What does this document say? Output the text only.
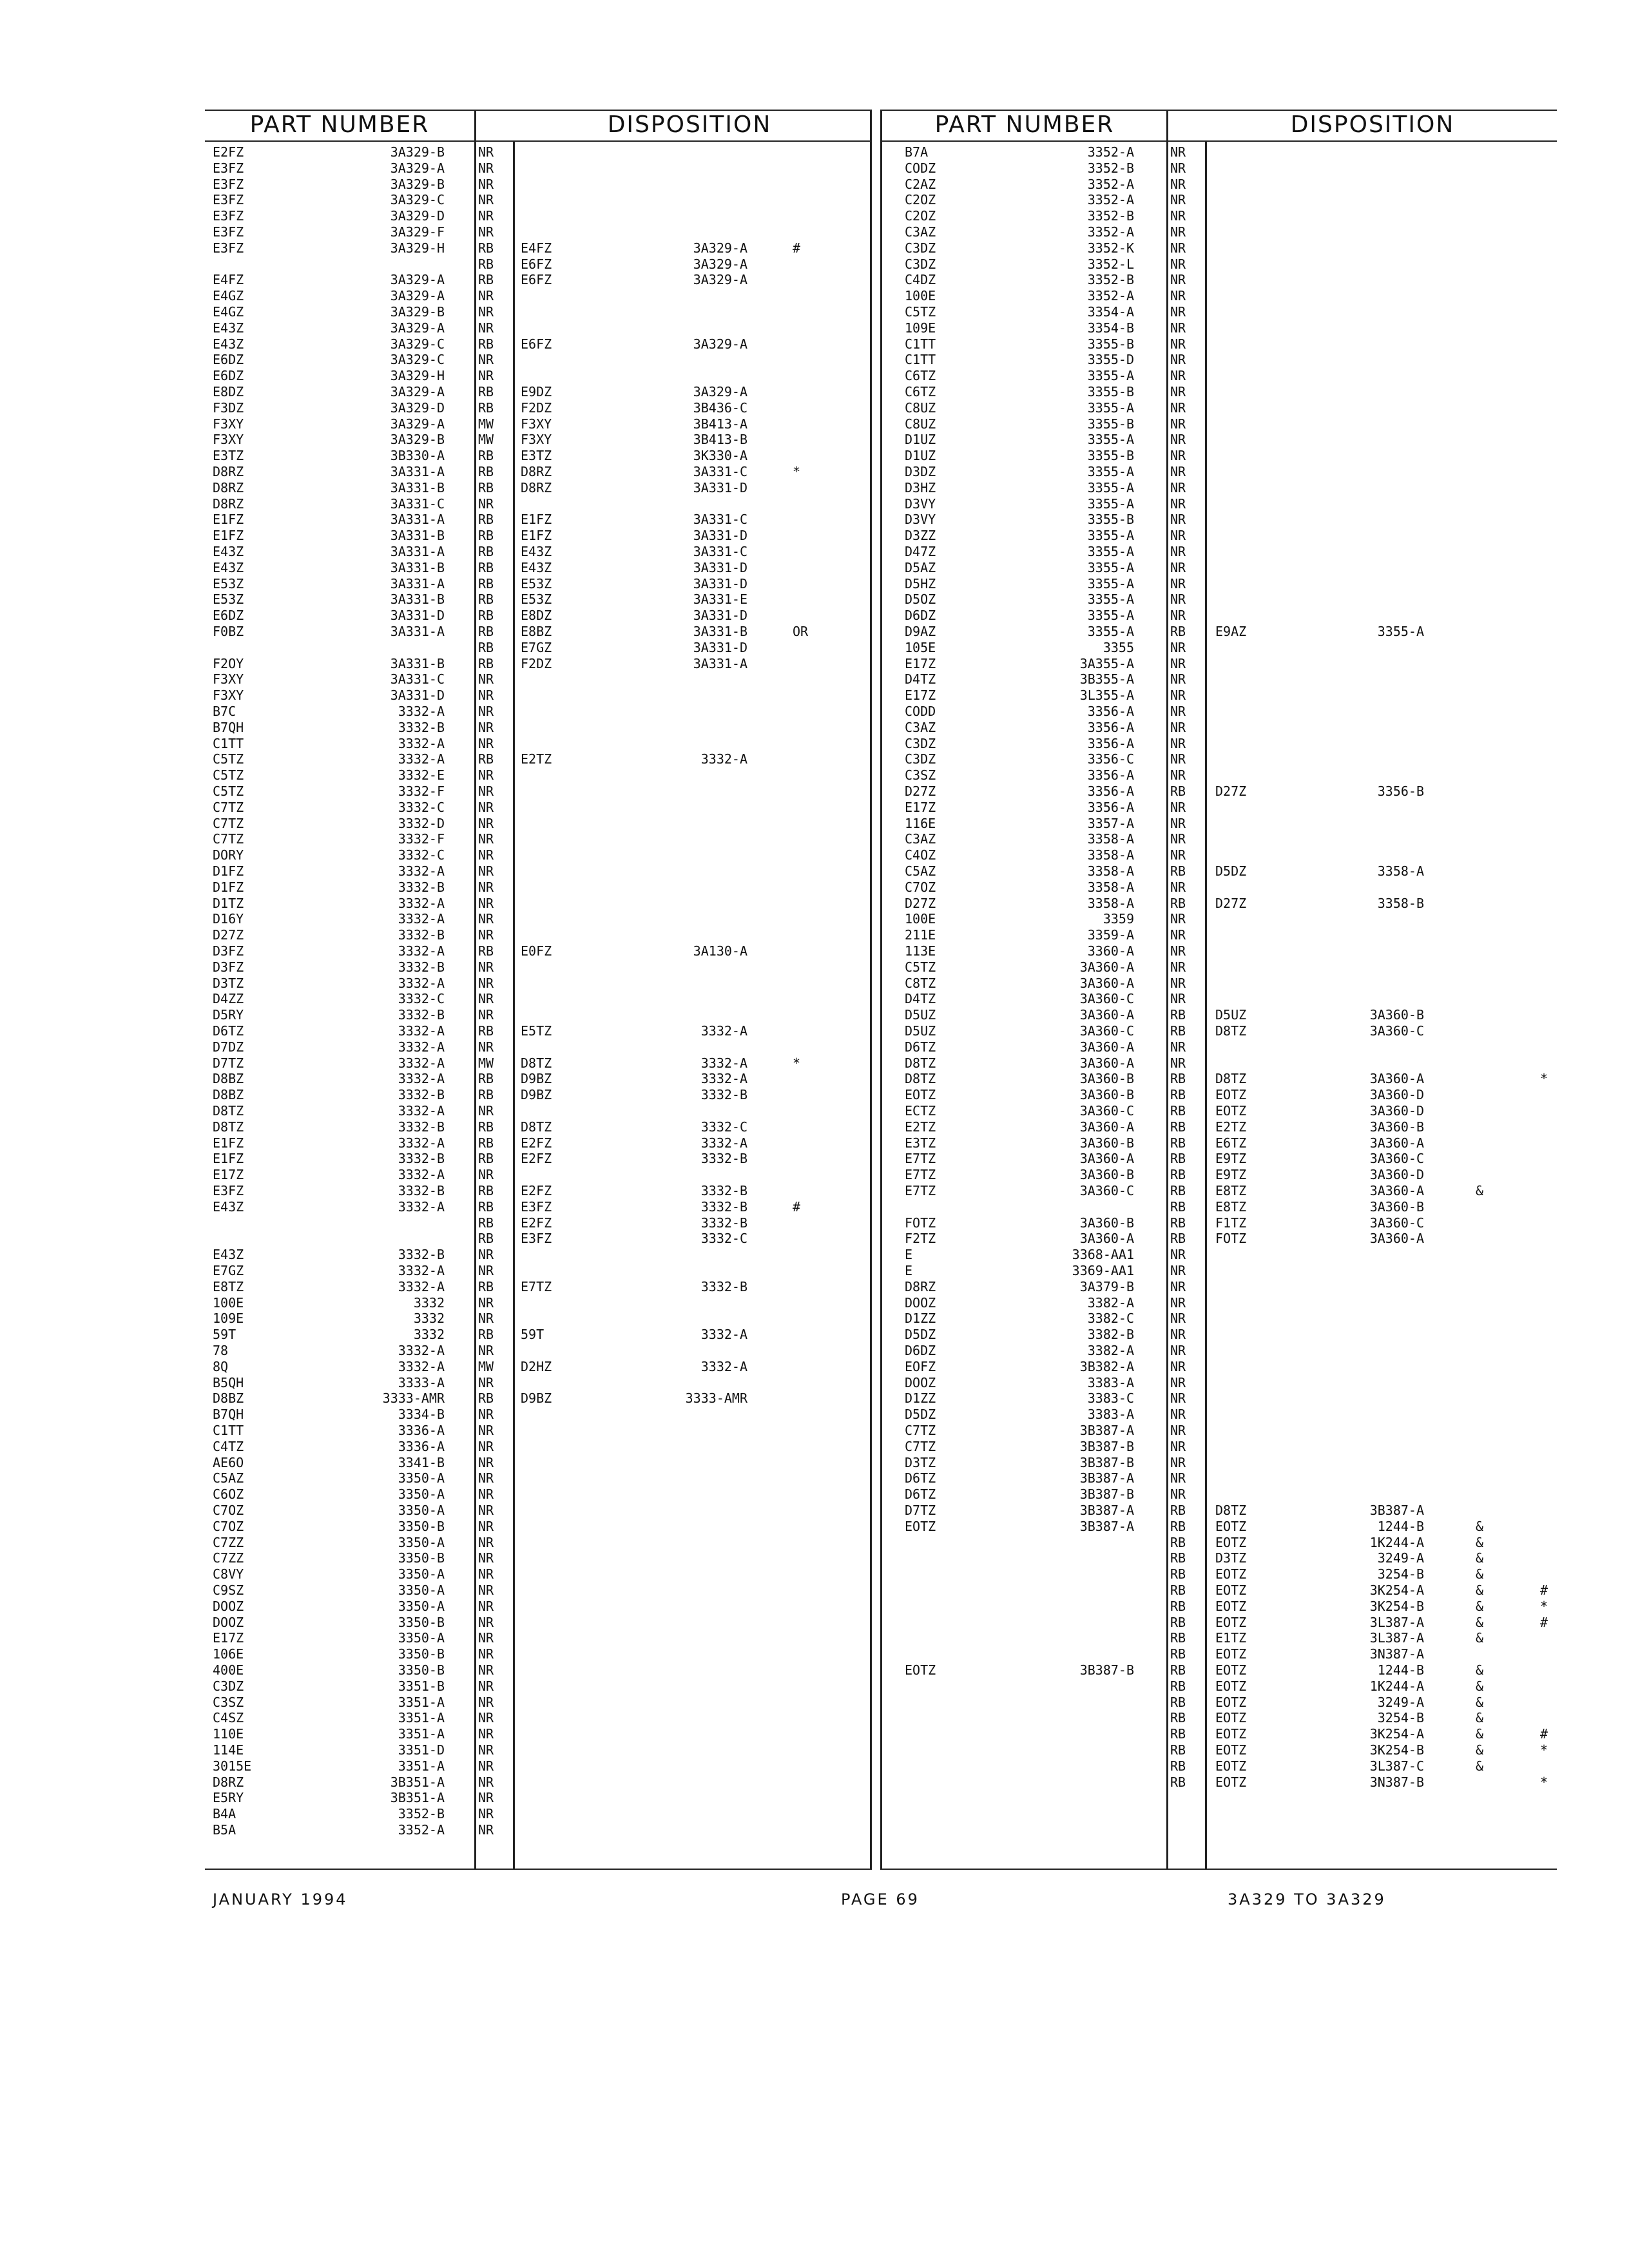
PART NUMBER	DISPOSITION	PART NUMBER	DISPOSITION
E2FZ	3A329-B	NR
E3FZ	3A329-A	NR
E3FZ	3A329-B	NR
E3FZ	3A329-C	NR
E3FZ	3A329-D	NR
E3FZ	3A329-F	NR
E3FZ	3A329-H	RB E4FZ	3A329-A	#
RB E6FZ	3A329-A
E4FZ	3A329-A	RB E6FZ	3A329-A
E4GZ	3A329-A	NR
E4GZ	3A329-B	NR
E43Z	3A329-A	NR
E43Z	3A329-C	RB E6FZ	3A329-A
E6DZ	3A329-C	NR
E6DZ	3A329-H	NR
E8DZ	3A329-A	RB E9DZ	3A329-A
F3DZ	3A329-D	RB F2DZ	3B436-C
F3XY	3A329-A	MW F3XY	3B413-A
F3XY	3A329-B	MW F3XY	3B413-B
E3TZ	3B330-A	RB E3TZ	3K330-A
D8RZ	3A331-A	RB D8RZ	3A331-C	*
D8RZ	3A331-B	RB D8RZ	3A331-D
D8RZ	3A331-C	NR
E1FZ	3A331-A	RB E1FZ	3A331-C
E1FZ	3A331-B	RB E1FZ	3A331-D
E43Z	3A331-A	RB E43Z	3A331-C
E43Z	3A331-B	RB E43Z	3A331-D
E53Z	3A331-A	RB E53Z	3A331-D
E53Z	3A331-B	RB E53Z	3A331-E
E6DZ	3A331-D	RB E8DZ	3A331-D
F0BZ	3A331-A	RB E8BZ	3A331-B	OR
RB E7GZ	3A331-D
F2OY	3A331-B	RB F2DZ	3A331-A
F3XY	3A331-C	NR
F3XY	3A331-D	NR
B7C	3332-A	NR
B7QH	3332-B	NR
C1TT	3332-A	NR
C5TZ	3332-A	RB E2TZ	3332-A
C5TZ	3332-E	NR
C5TZ	3332-F	NR
C7TZ	3332-C	NR
C7TZ	3332-D	NR
C7TZ	3332-F	NR
DORY	3332-C	NR
D1FZ	3332-A	NR
D1FZ	3332-B	NR
D1TZ	3332-A	NR
D16Y	3332-A	NR
D27Z	3332-B	NR
D3FZ	3332-A	RB E0FZ	3A130-A
D3FZ	3332-B	NR
D3TZ	3332-A	NR
D4ZZ	3332-C	NR
D5RY	3332-B	NR
D6TZ	3332-A	RB E5TZ	3332-A
D7DZ	3332-A	NR
D7TZ	3332-A	MW D8TZ	3332-A	*
D8BZ	3332-A	RB D9BZ	3332-A
D8BZ	3332-B	RB D9BZ	3332-B
D8TZ	3332-A	NR
D8TZ	3332-B	RB D8TZ	3332-C
E1FZ	3332-A	RB E2FZ	3332-A
E1FZ	3332-B	RB E2FZ	3332-B
E17Z	3332-A	NR
E3FZ	3332-B	RB E2FZ	3332-B
E43Z	3332-A	RB E3FZ	3332-B	#
RB E2FZ	3332-B
RB E3FZ	3332-C
E43Z	3332-B	NR
E7GZ	3332-A	NR
E8TZ	3332-A	RB E7TZ	3332-B
100E	3332	NR
109E	3332	NR
59T	3332	RB 59T	3332-A
78	3332-A	NR
8Q	3332-A	MW D2HZ	3332-A
B5QH	3333-A	NR
D8BZ	3333-AMR	RB D9BZ	3333-AMR
B7QH	3334-B	NR
C1TT	3336-A	NR
C4TZ	3336-A	NR
AE6O	3341-B	NR
C5AZ	3350-A	NR
C6OZ	3350-A	NR
C7OZ	3350-A	NR
C7OZ	3350-B	NR
C7ZZ	3350-A	NR
C7ZZ	3350-B	NR
C8VY	3350-A	NR
C9SZ	3350-A	NR
DOOZ	3350-A	NR
DOOZ	3350-B	NR
E17Z	3350-A	NR
106E	3350-B	NR
400E	3350-B	NR
C3DZ	3351-B	NR
C3SZ	3351-A	NR
C4SZ	3351-A	NR
110E	3351-A	NR
114E	3351-D	NR
3015E	3351-A	NR
D8RZ	3B351-A	NR
E5RY	3B351-A	NR
B4A	3352-B	NR
B5A	3352-A	NR
B7A	3352-A	NR
CODZ	3352-B	NR
C2AZ	3352-A	NR
C2OZ	3352-A	NR
C2OZ	3352-B	NR
C3AZ	3352-A	NR
C3DZ	3352-K	NR
C3DZ	3352-L	NR
C4DZ	3352-B	NR
100E	3352-A	NR
C5TZ	3354-A	NR
109E	3354-B	NR
C1TT	3355-B	NR
C1TT	3355-D	NR
C6TZ	3355-A	NR
C6TZ	3355-B	NR
C8UZ	3355-A	NR
C8UZ	3355-B	NR
D1UZ	3355-A	NR
D1UZ	3355-B	NR
D3DZ	3355-A	NR
D3HZ	3355-A	NR
D3VY	3355-A	NR
D3VY	3355-B	NR
D3ZZ	3355-A	NR
D47Z	3355-A	NR
D5AZ	3355-A	NR
D5HZ	3355-A	NR
D5OZ	3355-A	NR
D6DZ	3355-A	NR
D9AZ	3355-A	RB E9AZ	3355-A
105E	3355	NR
E17Z	3A355-A	NR
D4TZ	3B355-A	NR
E17Z	3L355-A	NR
CODD	3356-A	NR
C3AZ	3356-A	NR
C3DZ	3356-A	NR
C3DZ	3356-C	NR
C3SZ	3356-A	NR
D27Z	3356-A	RB D27Z	3356-B
E17Z	3356-A	NR
116E	3357-A	NR
C3AZ	3358-A	NR
C4OZ	3358-A	NR
C5AZ	3358-A	RB D5DZ	3358-A
C7OZ	3358-A	NR
D27Z	3358-A	RB D27Z	3358-B
100E	3359	NR
211E	3359-A	NR
113E	3360-A	NR
C5TZ	3A360-A	NR
C8TZ	3A360-A	NR
D4TZ	3A360-C	NR
D5UZ	3A360-A	RB D5UZ	3A360-B
D5UZ	3A360-C	RB D8TZ	3A360-C
D6TZ	3A360-A	NR
D8TZ	3A360-A	NR
D8TZ	3A360-B	RB D8TZ	3A360-A	*
EOTZ	3A360-B	RB EOTZ	3A360-D
ECTZ	3A360-C	RB EOTZ	3A360-D
E2TZ	3A360-A	RB E2TZ	3A360-B
E3TZ	3A360-B	RB E6TZ	3A360-A
E7TZ	3A360-A	RB E9TZ	3A360-C
E7TZ	3A360-B	RB E9TZ	3A360-D
E7TZ	3A360-C	RB E8TZ	3A360-A	&
RB E8TZ	3A360-B
FOTZ	3A360-B	RB F1TZ	3A360-C
F2TZ	3A360-A	RB FOTZ	3A360-A
E	3368-AA1	NR
E	3369-AA1	NR
D8RZ	3A379-B	NR
DOOZ	3382-A	NR
D1ZZ	3382-C	NR
D5DZ	3382-B	NR
D6DZ	3382-A	NR
EOFZ	3B382-A	NR
DOOZ	3383-A	NR
D1ZZ	3383-C	NR
D5DZ	3383-A	NR
C7TZ	3B387-A	NR
C7TZ	3B387-B	NR
D3TZ	3B387-B	NR
D6TZ	3B387-A	NR
D6TZ	3B387-B	NR
D7TZ	3B387-A	RB D8TZ	3B387-A
EOTZ	3B387-A	RB EOTZ	1244-B	&
RB EOTZ	1K244-A	&
RB D3TZ	3249-A	&
RB EOTZ	3254-B	&
RB EOTZ	3K254-A	&	#
RB EOTZ	3K254-B	&	*
RB EOTZ	3L387-A	&	#
RB E1TZ	3L387-A	&
RB EOTZ	3N387-A
EOTZ	3B387-B	RB EOTZ	1244-B	&
RB EOTZ	1K244-A	&
RB EOTZ	3249-A	&
RB EOTZ	3254-B	&
RB EOTZ	3K254-A	&	#
RB EOTZ	3K254-B	&	*
RB EOTZ	3L387-C	&
RB EOTZ	3N387-B	*
JANUARY 1994	PAGE 69	3A329 TO 3A329
